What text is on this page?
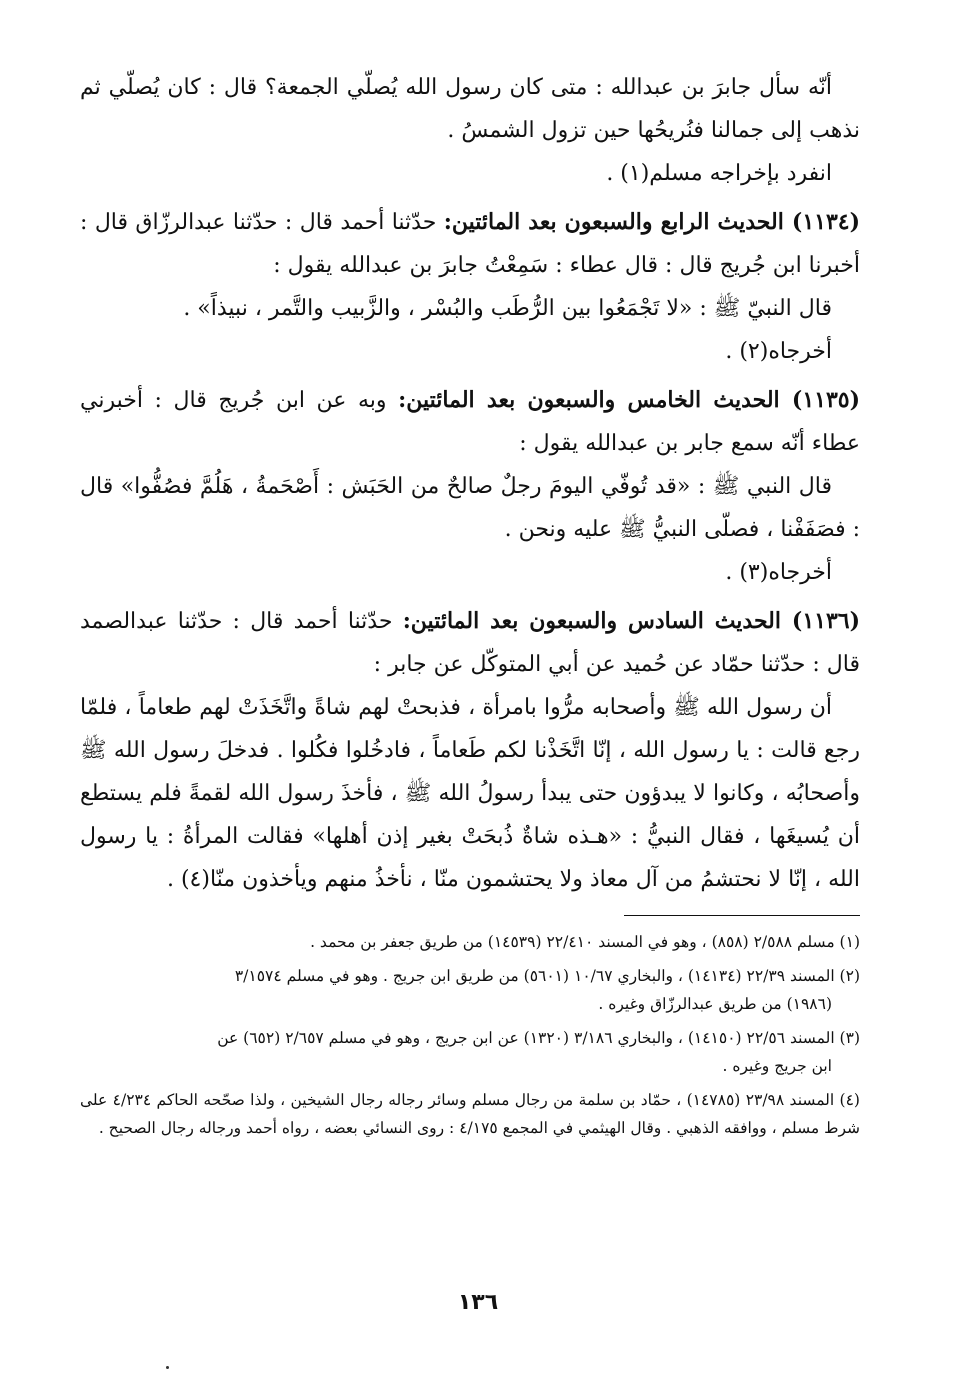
أنّه سأل جابرَ بن عبدالله : متى كان رسول الله يُصلّي الجمعة؟ قال : كان يُصلّي ثم نذهب إلى جمالنا فنُريحُها حين تزول الشمسُ .

انفرد بإخراجه مسلم(١) .

(١١٣٤) الحديث الرابع والسبعون بعد المائتين: حدّثنا أحمد قال : حدّثنا عبدالرزّاق قال : أخبرنا ابن جُريج قال : قال عطاء : سَمِعْتُ جابرَ بن عبدالله يقول :

قال النبيّ ﷺ : «لا تَجْمَعُوا بين الرُّطَب والبُسْر ، والزَّبيب والتَّمر ، نبيذاً» .

أخرجاه(٢) .

(١١٣٥) الحديث الخامس والسبعون بعد المائتين: وبه عن ابن جُريج قال : أخبرني عطاء أنّه سمع جابر بن عبدالله يقول :

قال النبي ﷺ : «قد تُوفّي اليومَ رجلٌ صالحٌ من الحَبَش : أَصْحَمةُ ، هَلُمَّ فصُفُّوا» قال : فصَفَفْنا ، فصلّى النبيُّ ﷺ عليه ونحن .

أخرجاه(٣) .

(١١٣٦) الحديث السادس والسبعون بعد المائتين: حدّثنا أحمد قال : حدّثنا عبدالصمد قال : حدّثنا حمّاد عن حُميد عن أبي المتوكّل عن جابر :

أن رسول الله ﷺ وأصحابه مرُّوا بامرأة ، فذبحتْ لهم شاةً واتَّخَذَتْ لهم طعاماً ، فلمّا رجع قالت : يا رسول الله ، إنّا اتَّخَذْنا لكم طَعاماً ، فادخُلوا فكُلوا . فدخلَ رسول الله ﷺ وأصحابُه ، وكانوا لا يبدؤون حتى يبدأ رسولُ الله ﷺ ، فأخذَ رسول الله لقمةً فلم يستطع أن يُسيغَها ، فقال النبيُّ : «هـذه شاةٌ ذُبحَتْ بغير إذن أهلها» فقالت المرأةُ : يا رسول الله ، إنّا لا نحتشمُ من آل معاذ ولا يحتشمون منّا ، نأخذُ منهم ويأخذون منّا(٤) .

(١) مسلم ٢/٥٨٨ (٨٥٨) ، وهو في المسند ٢٢/٤١٠ (١٤٥٣٩) من طريق جعفر بن محمد .

(٢) المسند ٢٢/٣٩ (١٤١٣٤) ، والبخاري ١٠/٦٧ (٥٦٠١) من طريق ابن جريج . وهو في مسلم ٣/١٥٧٤
(١٩٨٦) من طريق عبدالرزّاق وغيره .

(٣) المسند ٢٢/٥٦ (١٤١٥٠) ، والبخاري ٣/١٨٦ (١٣٢٠) عن ابن جريج ، وهو في مسلم ٢/٦٥٧ (٦٥٢) عن
ابن جريج وغيره .

(٤) المسند ٢٣/٩٨ (١٤٧٨٥) ، حمّاد بن سلمة من رجال مسلم وسائر رجاله رجال الشيخين ، ولذا صحّحه الحاكم ٤/٢٣٤ على شرط مسلم ، ووافقه الذهبي . وقال الهيثمي في المجمع ٤/١٧٥ : روى النسائي بعضه ، رواه أحمد ورجاله رجال الصحيح .

١٣٦
